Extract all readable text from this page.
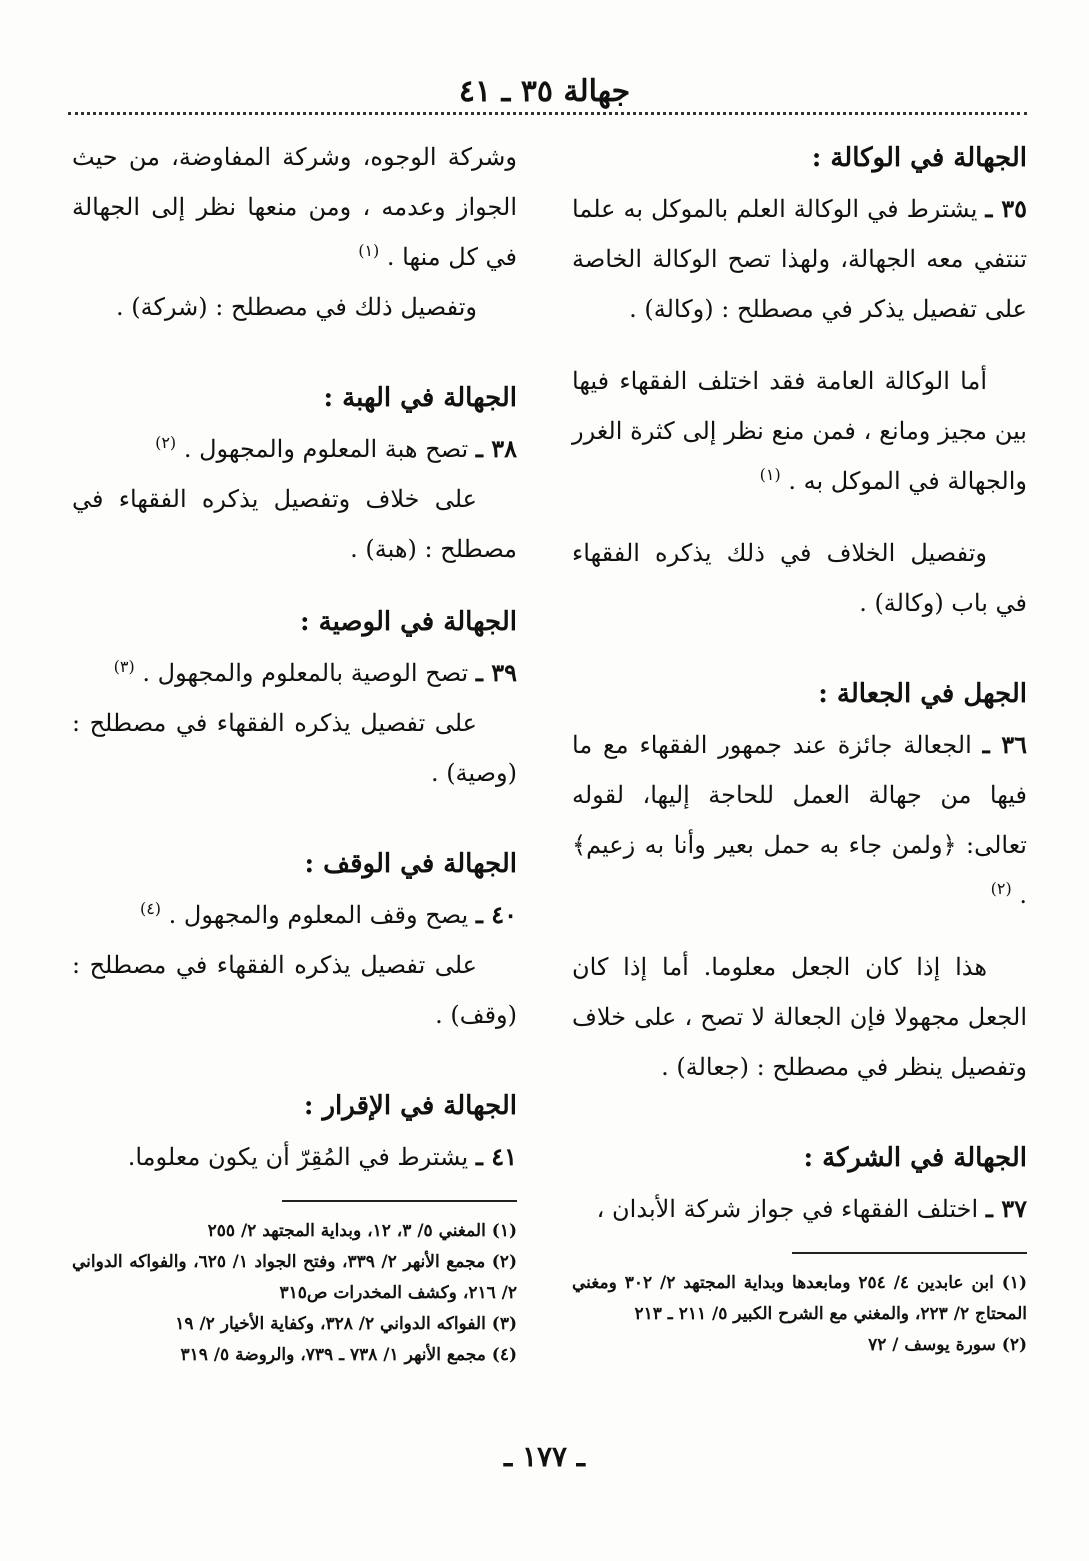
جهالة ٣٥ ـ ٤١
الجهالة في الوكالة :

٣٥ ـ يشترط في الوكالة العلم بالموكل به علما تنتفي معه الجهالة، ولهذا تصح الوكالة الخاصة على تفصيل يذكر في مصطلح : (وكالة) .

أما الوكالة العامة فقد اختلف الفقهاء فيها بين مجيز ومانع ، فمن منع نظر إلى كثرة الغرر والجهالة في الموكل به . $^{(١)}$

وتفصيل الخلاف في ذلك يذكره الفقهاء في باب (وكالة) .

الجهل في الجعالة :

٣٦ ـ الجعالة جائزة عند جمهور الفقهاء مع ما فيها من جهالة العمل للحاجة إليها، لقوله تعالى: ﴿ولمن جاء به حمل بعير وأنا به زعيم﴾ . $^{(٢)}$

هذا إذا كان الجعل معلوما. أما إذا كان الجعل مجهولا فإن الجعالة لا تصح ، على خلاف وتفصيل ينظر في مصطلح : (جعالة) .

الجهالة في الشركة :

٣٧ ـ اختلف الفقهاء في جواز شركة الأبدان ،

(١) ابن عابدين ٤/ ٢٥٤ ومابعدها وبداية المجتهد ٢/ ٣٠٢ ومغني المحتاج ٢/ ٢٢٣، والمغني مع الشرح الكبير ٥/ ٢١١ ـ ٢١٣

(٢) سورة يوسف / ٧٢

وشركة الوجوه، وشركة المفاوضة، من حيث الجواز وعدمه ، ومن منعها نظر إلى الجهالة في كل منها . $^{(١)}$

وتفصيل ذلك في مصطلح : (شركة) .

الجهالة في الهبة :

٣٨ ـ تصح هبة المعلوم والمجهول . $^{(٢)}$

على خلاف وتفصيل يذكره الفقهاء في مصطلح : (هبة) .

الجهالة في الوصية :

٣٩ ـ تصح الوصية بالمعلوم والمجهول . $^{(٣)}$

على تفصيل يذكره الفقهاء في مصطلح : (وصية) .

الجهالة في الوقف :

٤٠ ـ يصح وقف المعلوم والمجهول . $^{(٤)}$

على تفصيل يذكره الفقهاء في مصطلح : (وقف) .

الجهالة في الإقرار :

٤١ ـ يشترط في المُقِرّ أن يكون معلوما.

(١) المغني ٥/ ٣، ١٢، وبداية المجتهد ٢/ ٢٥٥

(٢) مجمع الأنهر ٢/ ٣٣٩، وفتح الجواد ١/ ٦٢٥، والفواكه الدواني ٢/ ٢١٦، وكشف المخدرات ص٣١٥

(٣) الفواكه الدواني ٢/ ٣٢٨، وكفاية الأخيار ٢/ ١٩

(٤) مجمع الأنهر ١/ ٧٣٨ ـ ٧٣٩، والروضة ٥/ ٣١٩

ـ ١٧٧ ـ
